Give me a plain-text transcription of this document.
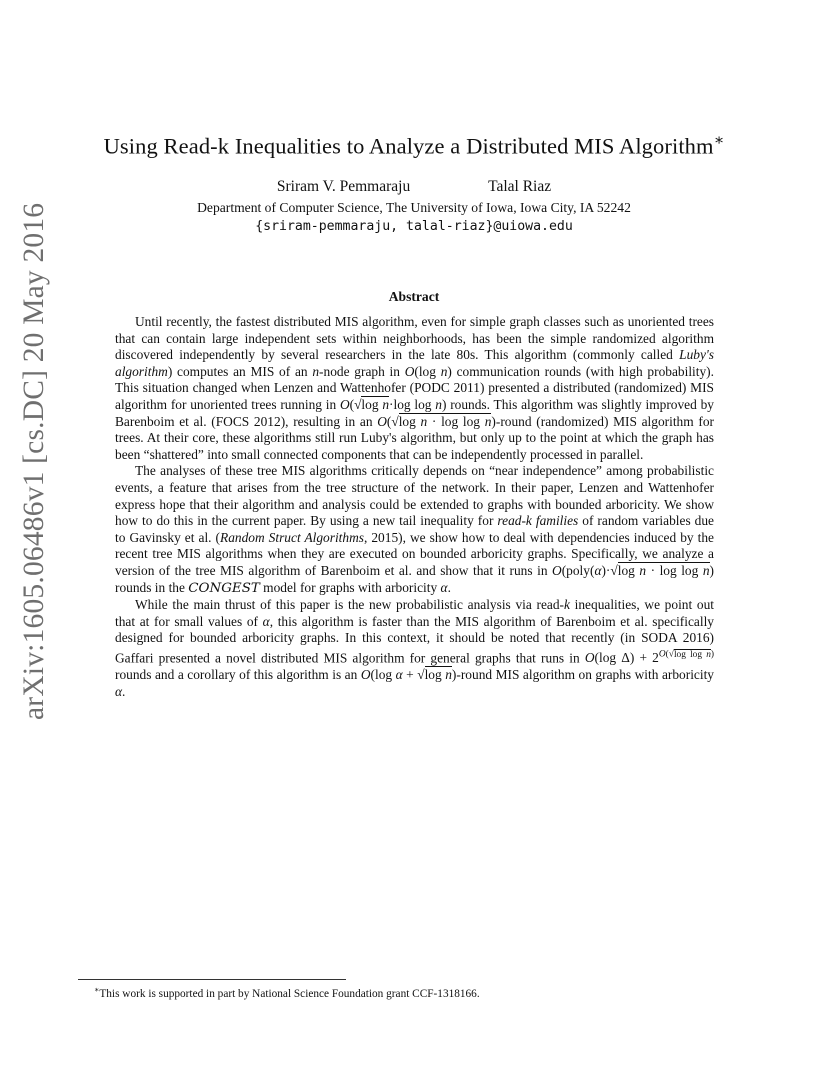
arXiv:1605.06486v1 [cs.DC] 20 May 2016
Using Read-k Inequalities to Analyze a Distributed MIS Algorithm∗
Sriram V. Pemmaraju	Talal Riaz
Department of Computer Science, The University of Iowa, Iowa City, IA 52242
{sriram-pemmaraju, talal-riaz}@uiowa.edu
Abstract

Until recently, the fastest distributed MIS algorithm, even for simple graph classes such as unoriented trees that can contain large independent sets within neighborhoods, has been the simple randomized algorithm discovered independently by several researchers in the late 80s. This algorithm (commonly called Luby's algorithm) computes an MIS of an n-node graph in O(log n) communication rounds (with high probability). This situation changed when Lenzen and Wattenhofer (PODC 2011) presented a distributed (randomized) MIS algorithm for unoriented trees running in O(√log n·log log n) rounds. This algorithm was slightly improved by Barenboim et al. (FOCS 2012), resulting in an O(√log n · log log n)-round (randomized) MIS algorithm for trees. At their core, these algorithms still run Luby's algorithm, but only up to the point at which the graph has been “shattered” into small connected components that can be independently processed in parallel.

The analyses of these tree MIS algorithms critically depends on “near independence” among probabilistic events, a feature that arises from the tree structure of the network. In their paper, Lenzen and Wattenhofer express hope that their algorithm and analysis could be extended to graphs with bounded arboricity. We show how to do this in the current paper. By using a new tail inequality for read-k families of random variables due to Gavinsky et al. (Random Struct Algorithms, 2015), we show how to deal with dependencies induced by the recent tree MIS algorithms when they are executed on bounded arboricity graphs. Specifically, we analyze a version of the tree MIS algorithm of Barenboim et al. and show that it runs in O(poly(α)·√log n · log log n) rounds in the CONGEST model for graphs with arboricity α.

While the main thrust of this paper is the new probabilistic analysis via read-k inequalities, we point out that at for small values of α, this algorithm is faster than the MIS algorithm of Barenboim et al. specifically designed for bounded arboricity graphs. In this context, it should be noted that recently (in SODA 2016) Gaffari presented a novel distributed MIS algorithm for general graphs that runs in O(log $\Delta) + 2^{O(√log log n)}$ rounds and a corollary of this algorithm is an O(log α + √log n)-round MIS algorithm on graphs with arboricity α.

∗This work is supported in part by National Science Foundation grant CCF-1318166.
